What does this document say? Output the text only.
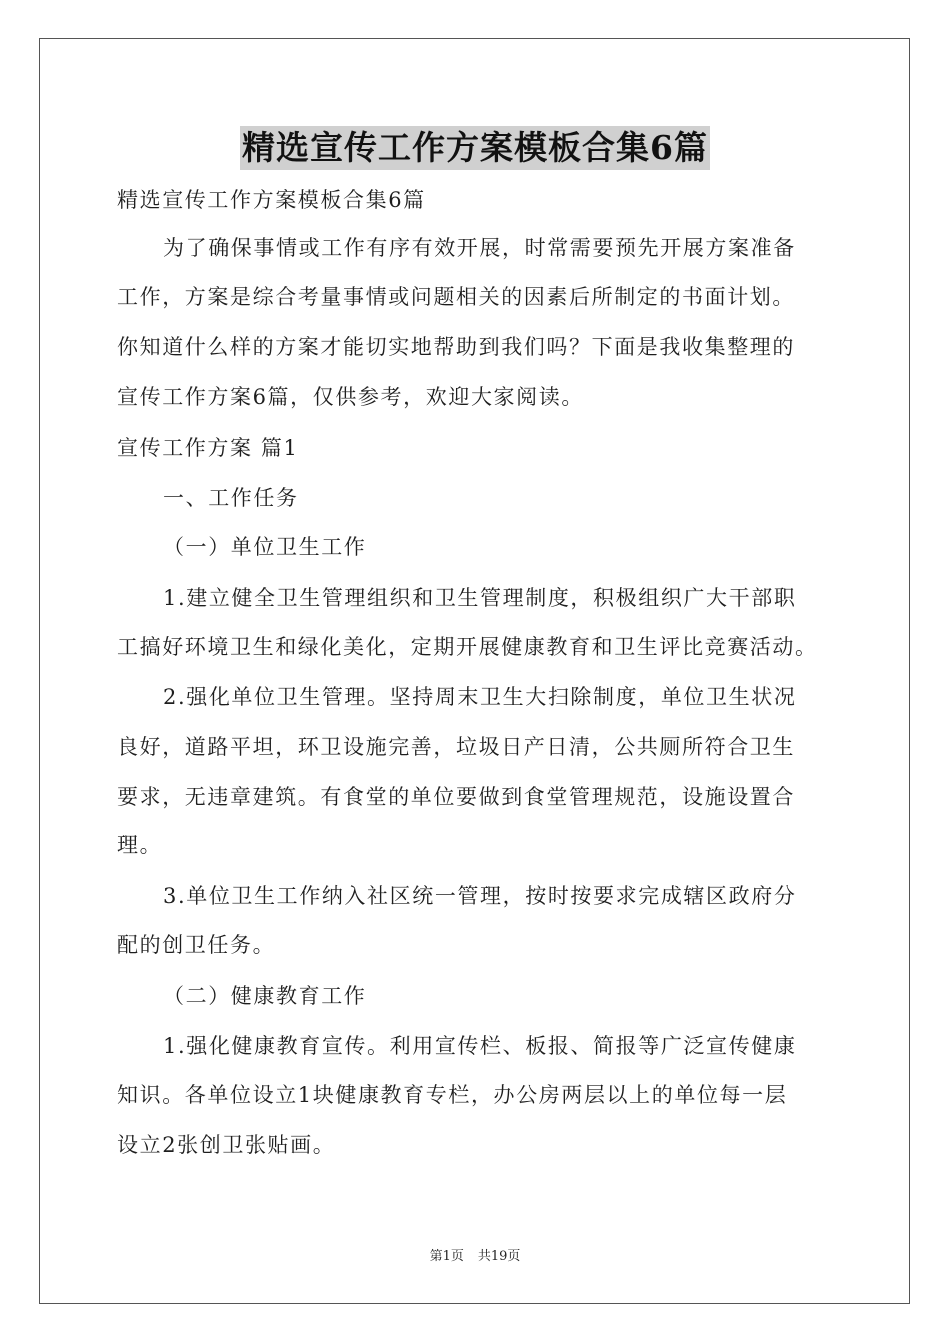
精选宣传工作方案模板合集6篇
精选宣传工作方案模板合集6篇
为了确保事情或工作有序有效开展，时常需要预先开展方案准备
工作，方案是综合考量事情或问题相关的因素后所制定的书面计划。
你知道什么样的方案才能切实地帮助到我们吗？下面是我收集整理的
宣传工作方案6篇，仅供参考，欢迎大家阅读。
宣传工作方案 篇1
一、工作任务
（一）单位卫生工作
1.建立健全卫生管理组织和卫生管理制度，积极组织广大干部职
工搞好环境卫生和绿化美化，定期开展健康教育和卫生评比竞赛活动。
2.强化单位卫生管理。坚持周末卫生大扫除制度，单位卫生状况
良好，道路平坦，环卫设施完善，垃圾日产日清，公共厕所符合卫生
要求，无违章建筑。有食堂的单位要做到食堂管理规范，设施设置合
理。
3.单位卫生工作纳入社区统一管理，按时按要求完成辖区政府分
配的创卫任务。
（二）健康教育工作
1.强化健康教育宣传。利用宣传栏、板报、简报等广泛宣传健康
知识。各单位设立1块健康教育专栏，办公房两层以上的单位每一层
设立2张创卫张贴画。
第1页 共19页
